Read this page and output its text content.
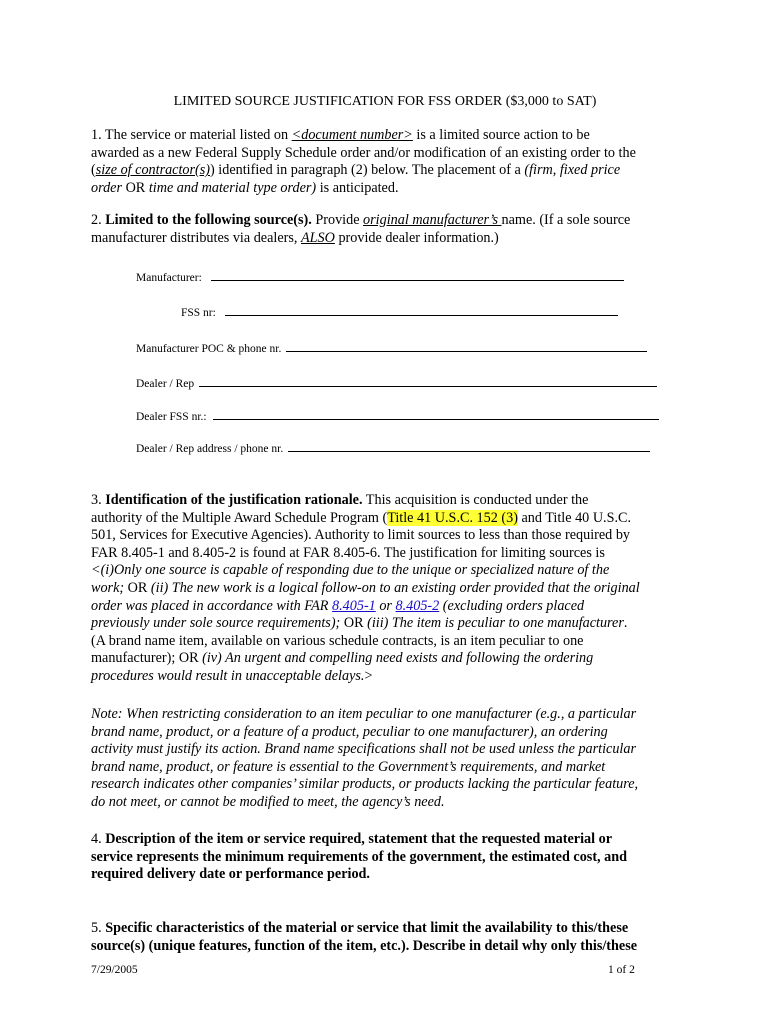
LIMITED SOURCE JUSTIFICATION FOR FSS ORDER ($3,000 to SAT)
1. The service or material listed on <document number> is a limited source action to be
awarded as a new Federal Supply Schedule order and/or modification of an existing order to the
(size of contractor(s)) identified in paragraph (2) below. The placement of a (firm, fixed price
order OR time and material type order) is anticipated.
2. Limited to the following source(s). Provide original manufacturer’s name. (If a sole source
manufacturer distributes via dealers, ALSO provide dealer information.)
Manufacturer:
FSS nr:
Manufacturer POC & phone nr.
Dealer / Rep
Dealer FSS nr.:
Dealer / Rep address / phone nr.
3. Identification of the justification rationale. This acquisition is conducted under the
authority of the Multiple Award Schedule Program (Title 41 U.S.C. 152 (3) and Title 40 U.S.C.
501, Services for Executive Agencies). Authority to limit sources to less than those required by
FAR 8.405-1 and 8.405-2 is found at FAR 8.405-6. The justification for limiting sources is
<(i)Only one source is capable of responding due to the unique or specialized nature of the
work; OR (ii) The new work is a logical follow-on to an existing order provided that the original
order was placed in accordance with FAR 8.405-1 or 8.405-2 (excluding orders placed
previously under sole source requirements); OR (iii) The item is peculiar to one manufacturer.
(A brand name item, available on various schedule contracts, is an item peculiar to one
manufacturer); OR (iv) An urgent and compelling need exists and following the ordering
procedures would result in unacceptable delays.>
Note: When restricting consideration to an item peculiar to one manufacturer (e.g., a particular
brand name, product, or a feature of a product, peculiar to one manufacturer), an ordering
activity must justify its action. Brand name specifications shall not be used unless the particular
brand name, product, or feature is essential to the Government’s requirements, and market
research indicates other companies’ similar products, or products lacking the particular feature,
do not meet, or cannot be modified to meet, the agency’s need.
4. Description of the item or service required, statement that the requested material or
service represents the minimum requirements of the government, the estimated cost, and
required delivery date or performance period.
5. Specific characteristics of the material or service that limit the availability to this/these
source(s) (unique features, function of the item, etc.). Describe in detail why only this/these
7/29/2005	1 of 2
